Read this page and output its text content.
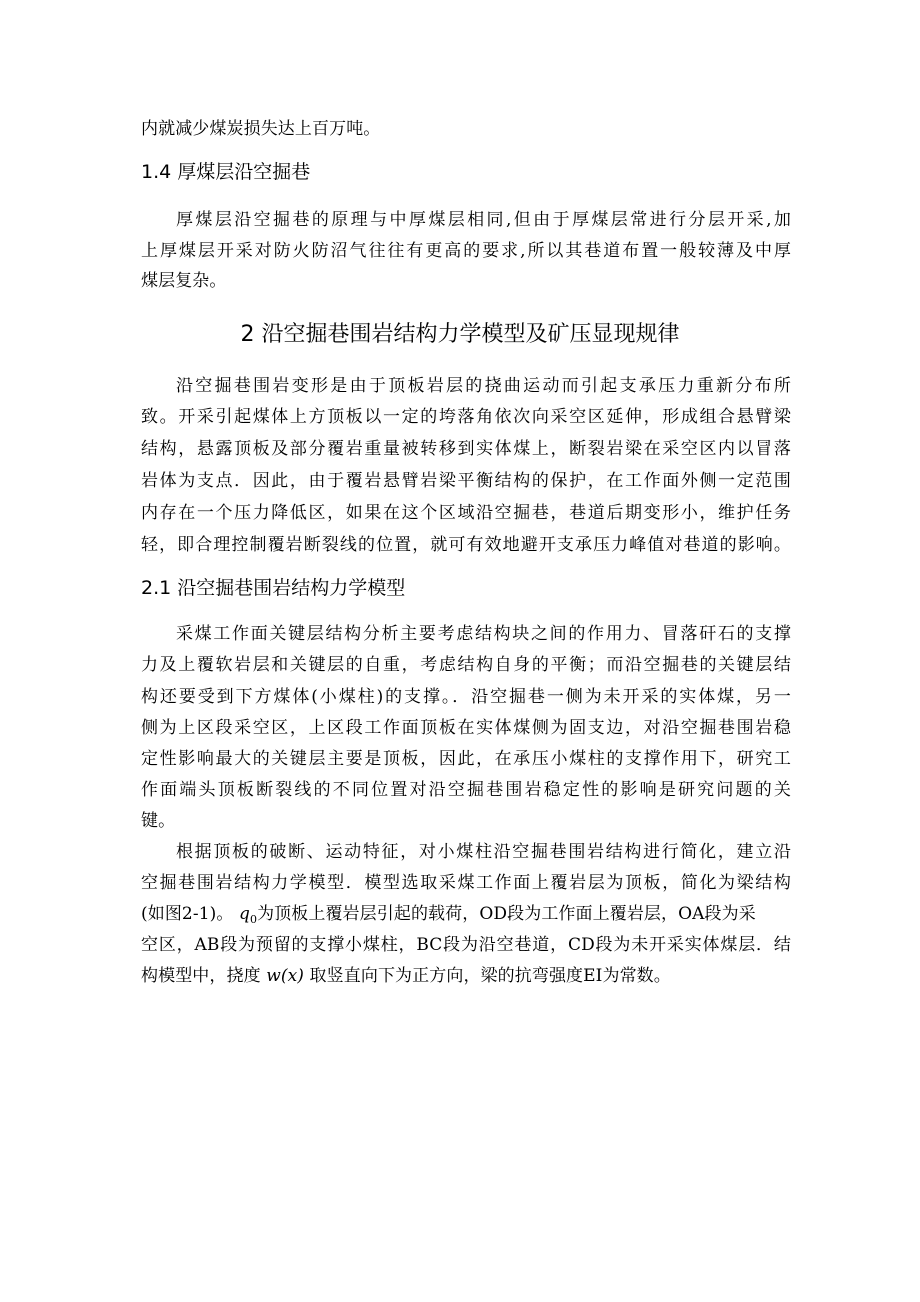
内就减少煤炭损失达上百万吨。
1.4 厚煤层沿空掘巷
厚煤层沿空掘巷的原理与中厚煤层相同,但由于厚煤层常进行分层开采,加
上厚煤层开采对防火防沼气往往有更高的要求,所以其巷道布置一般较薄及中厚
煤层复杂。
2 沿空掘巷围岩结构力学模型及矿压显现规律
沿空掘巷围岩变形是由于顶板岩层的挠曲运动而引起支承压力重新分布所
致。开采引起煤体上方顶板以一定的垮落角依次向采空区延伸，形成组合悬臂梁
结构，悬露顶板及部分覆岩重量被转移到实体煤上，断裂岩梁在采空区内以冒落
岩体为支点．因此，由于覆岩悬臂岩梁平衡结构的保护，在工作面外侧一定范围
内存在一个压力降低区，如果在这个区域沿空掘巷，巷道后期变形小，维护任务
轻，即合理控制覆岩断裂线的位置，就可有效地避开支承压力峰值对巷道的影响。
2.1 沿空掘巷围岩结构力学模型
采煤工作面关键层结构分析主要考虑结构块之间的作用力、冒落矸石的支撑
力及上覆软岩层和关键层的自重，考虑结构自身的平衡；而沿空掘巷的关键层结
构还要受到下方煤体(小煤柱)的支撑。．沿空掘巷一侧为未开采的实体煤，另一
侧为上区段采空区，上区段工作面顶板在实体煤侧为固支边，对沿空掘巷围岩稳
定性影响最大的关键层主要是顶板，因此，在承压小煤柱的支撑作用下，研究工
作面端头顶板断裂线的不同位置对沿空掘巷围岩稳定性的影响是研究问题的关
键。
根据顶板的破断、运动特征，对小煤柱沿空掘巷围岩结构进行简化，建立沿
空掘巷围岩结构力学模型．模型选取采煤工作面上覆岩层为顶板，简化为梁结构
(如图2-1)。 $q_0$为顶板上覆岩层引起的载荷，OD段为工作面上覆岩层，OA段为采
空区，AB段为预留的支撑小煤柱，BC段为沿空巷道，CD段为未开采实体煤层．结
构模型中，挠度 w(x) 取竖直向下为正方向，梁的抗弯强度EI为常数。
